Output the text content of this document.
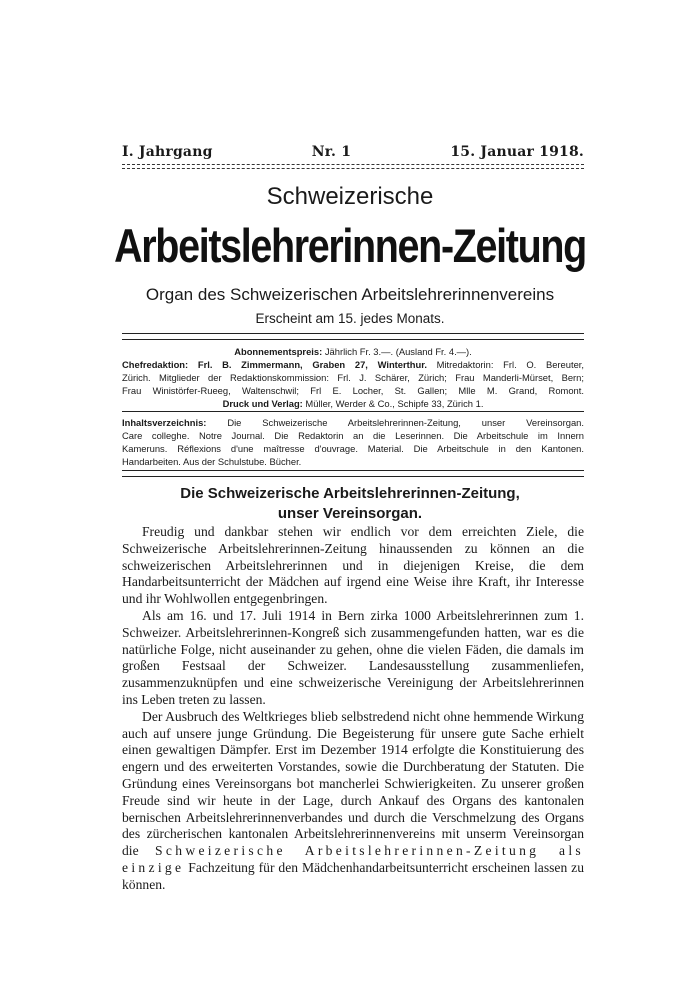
I. Jahrgang	Nr. 1	15. Januar 1918.
Schweizerische
Arbeitslehrerinnen-Zeitung
Organ des Schweizerischen Arbeitslehrerinnenvereins
Erscheint am 15. jedes Monats.
Abonnementspreis: Jährlich Fr. 3.—. (Ausland Fr. 4.—).
Chefredaktion: Frl. B. Zimmermann, Graben 27, Winterthur. Mitredaktorin: Frl. O. Bereuter,
Zürich. Mitglieder der Redaktionskommission: Frl. J. Schärer, Zürich; Frau Manderli-Mürset, Bern;
Frau Winistörfer-Rueeg, Waltenschwil; Frl E. Locher, St. Gallen; Mlle M. Grand, Romont.
Druck und Verlag: Müller, Werder & Co., Schipfe 33, Zürich 1.
Inhaltsverzeichnis: Die Schweizerische Arbeitslehrerinnen-Zeitung, unser Vereinsorgan.
Care colleghe. Notre Journal. Die Redaktorin an die Leserinnen. Die Arbeitschule im Innern
Kameruns. Réflexions d'une maîtresse d'ouvrage. Material. Die Arbeitschule in den Kantonen.
Handarbeiten. Aus der Schulstube. Bücher.
Die Schweizerische Arbeitslehrerinnen-Zeitung,
unser Vereinsorgan.

Freudig und dankbar stehen wir endlich vor dem erreichten Ziele, die Schweizerische Arbeitslehrerinnen-Zeitung hinaussenden zu können an die schweizerischen Arbeitslehrerinnen und in diejenigen Kreise, die dem Handarbeitsunterricht der Mädchen auf irgend eine Weise ihre Kraft, ihr Interesse und ihr Wohlwollen entgegenbringen.

Als am 16. und 17. Juli 1914 in Bern zirka 1000 Arbeitslehrerinnen zum 1. Schweizer. Arbeitslehrerinnen-Kongreß sich zusammengefunden hatten, war es die natürliche Folge, nicht auseinander zu gehen, ohne die vielen Fäden, die damals im großen Festsaal der Schweizer. Landesausstellung zusammenliefen, zusammenzuknüpfen und eine schweizerische Vereinigung der Arbeitslehrerinnen ins Leben treten zu lassen.

Der Ausbruch des Weltkrieges blieb selbstredend nicht ohne hemmende Wirkung auch auf unsere junge Gründung. Die Begeisterung für unsere gute Sache erhielt einen gewaltigen Dämpfer. Erst im Dezember 1914 erfolgte die Konstituierung des engern und des erweiterten Vorstandes, sowie die Durchberatung der Statuten. Die Gründung eines Vereinsorgans bot mancherlei Schwierigkeiten. Zu unserer großen Freude sind wir heute in der Lage, durch Ankauf des Organs des kantonalen bernischen Arbeitslehrerinnenverbandes und durch die Verschmelzung des Organs des zürcherischen kantonalen Arbeitslehrerinnenvereins mit unserm Vereinsorgan die Schweizerische Arbeitslehrerinnen-Zeitung als einzige Fachzeitung für den Mädchenhandarbeitsunterricht erscheinen lassen zu können.
